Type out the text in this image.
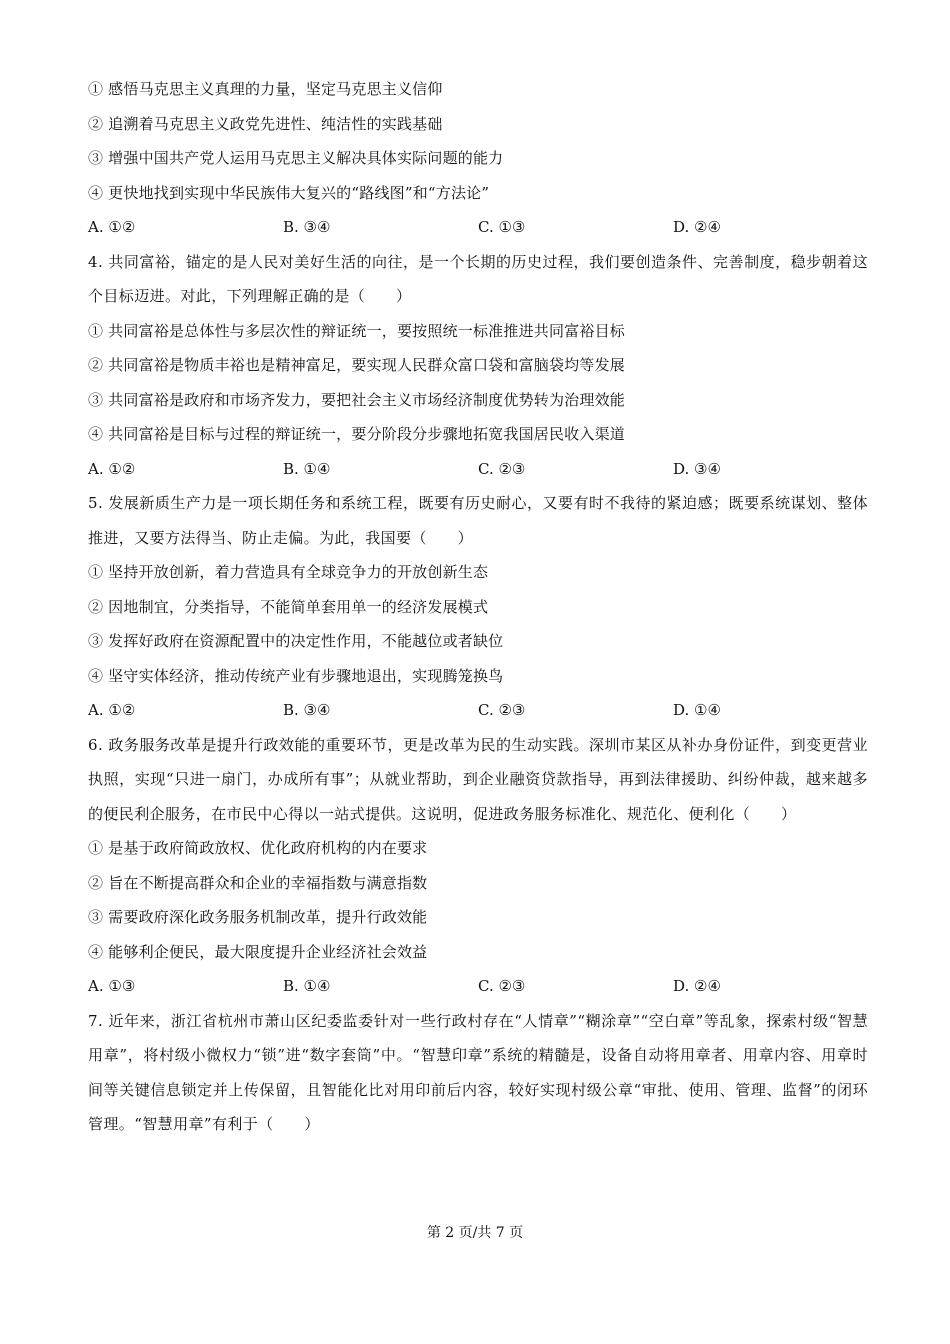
① 感悟马克思主义真理的力量，坚定马克思主义信仰
② 追溯着马克思主义政党先进性、纯洁性的实践基础
③ 增强中国共产党人运用马克思主义解决具体实际问题的能力
④ 更快地找到实现中华民族伟大复兴的“路线图”和“方法论”
A. ①②	B. ③④	C. ①③	D. ②④
4. 共同富裕，锚定的是人民对美好生活的向往，是一个长期的历史过程，我们要创造条件、完善制度，稳步朝着这个目标迈进。对此，下列理解正确的是（　　）
① 共同富裕是总体性与多层次性的辩证统一，要按照统一标准推进共同富裕目标
② 共同富裕是物质丰裕也是精神富足，要实现人民群众富口袋和富脑袋均等发展
③ 共同富裕是政府和市场齐发力，要把社会主义市场经济制度优势转为治理效能
④ 共同富裕是目标与过程的辩证统一，要分阶段分步骤地拓宽我国居民收入渠道
A. ①②	B. ①④	C. ②③	D. ③④
5. 发展新质生产力是一项长期任务和系统工程，既要有历史耐心，又要有时不我待的紧迫感；既要系统谋划、整体推进，又要方法得当、防止走偏。为此，我国要（　　）
① 坚持开放创新，着力营造具有全球竞争力的开放创新生态
② 因地制宜，分类指导，不能简单套用单一的经济发展模式
③ 发挥好政府在资源配置中的决定性作用，不能越位或者缺位
④ 坚守实体经济，推动传统产业有步骤地退出，实现腾笼换鸟
A. ①②	B. ③④	C. ②③	D. ①④
6. 政务服务改革是提升行政效能的重要环节，更是改革为民的生动实践。深圳市某区从补办身份证件，到变更营业执照，实现“只进一扇门，办成所有事”；从就业帮助，到企业融资贷款指导，再到法律援助、纠纷仲裁，越来越多的便民利企服务，在市民中心得以一站式提供。这说明，促进政务服务标准化、规范化、便利化（　　）
① 是基于政府简政放权、优化政府机构的内在要求
② 旨在不断提高群众和企业的幸福指数与满意指数
③ 需要政府深化政务服务机制改革，提升行政效能
④ 能够利企便民，最大限度提升企业经济社会效益
A. ①③	B. ①④	C. ②③	D. ②④
7. 近年来，浙江省杭州市萧山区纪委监委针对一些行政村存在“人情章”“糊涂章”“空白章”等乱象，探索村级“智慧用章”，将村级小微权力“锁”进“数字套筒”中。“智慧印章”系统的精髓是，设备自动将用章者、用章内容、用章时间等关键信息锁定并上传保留，且智能化比对用印前后内容，较好实现村级公章“审批、使用、管理、监督”的闭环管理。“智慧用章”有利于（　　）
第 2 页/共 7 页
